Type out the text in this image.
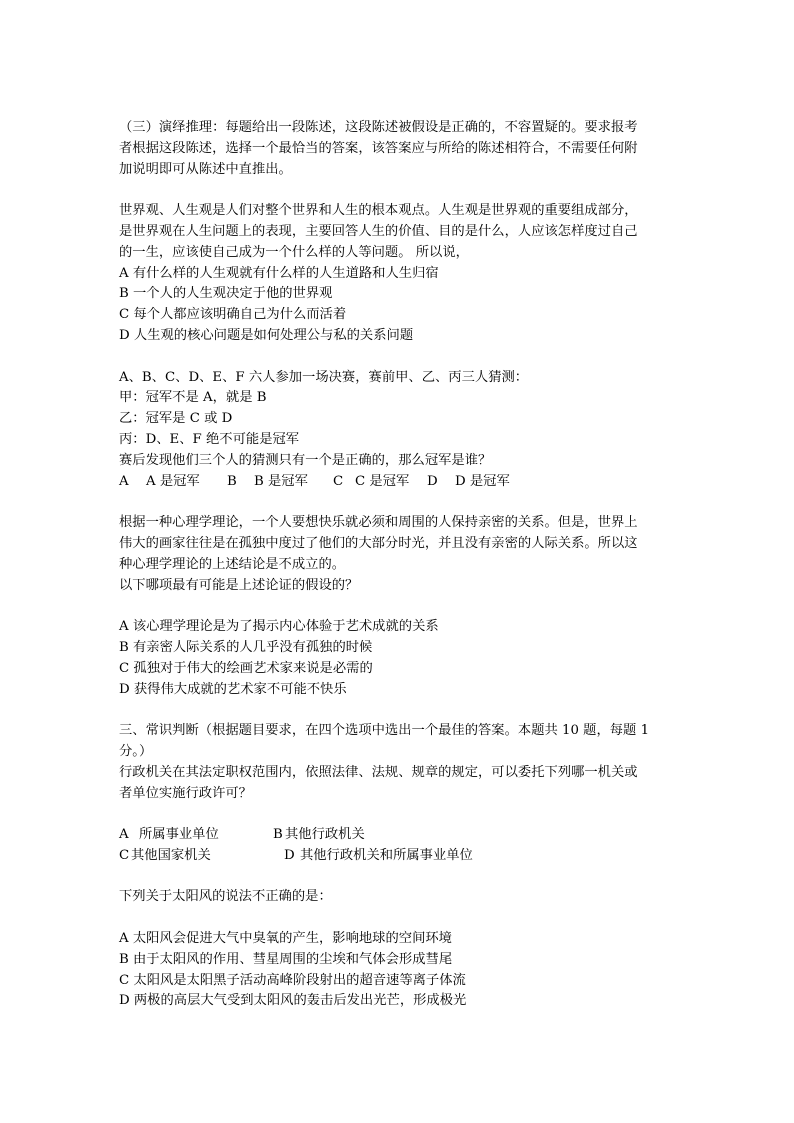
（三）演绎推理：每题给出一段陈述，这段陈述被假设是正确的，不容置疑的。要求报考
者根据这段陈述，选择一个最恰当的答案，该答案应与所给的陈述相符合，不需要任何附
加说明即可从陈述中直推出。
世界观、人生观是人们对整个世界和人生的根本观点。人生观是世界观的重要组成部分，
是世界观在人生问题上的表现，主要回答人生的价值、目的是什么，人应该怎样度过自己
的一生，应该使自己成为一个什么样的人等问题。 所以说，
A 有什么样的人生观就有什么样的人生道路和人生归宿
B 一个人的人生观决定于他的世界观
C 每个人都应该明确自己为什么而活着
D 人生观的核心问题是如何处理公与私的关系问题
A、B、C、D、E、F 六人参加一场决赛，赛前甲、乙、丙三人猜测：
甲：冠军不是 A，就是 B
乙：冠军是 C 或 D
丙：D、E、F 绝不可能是冠军
赛后发现他们三个人的猜测只有一个是正确的，那么冠军是谁？
A	A 是冠军	B	B 是冠军	C C 是冠军	D	D 是冠军
根据一种心理学理论，一个人要想快乐就必须和周围的人保持亲密的关系。但是，世界上
伟大的画家往往是在孤独中度过了他们的大部分时光，并且没有亲密的人际关系。所以这
种心理学理论的上述结论是不成立的。
以下哪项最有可能是上述论证的假设的？
A 该心理学理论是为了揭示内心体验于艺术成就的关系
B 有亲密人际关系的人几乎没有孤独的时候
C 孤独对于伟大的绘画艺术家来说是必需的
D 获得伟大成就的艺术家不可能不快乐
三、常识判断（根据题目要求，在四个选项中选出一个最佳的答案。本题共 10 题，每题 1
分。）
行政机关在其法定职权范围内，依照法律、法规、规章的规定，可以委托下列哪一机关或
者单位实施行政许可？
A 所属事业单位	B 其他行政机关
C 其他国家机关	D 其他行政机关和所属事业单位
下列关于太阳风的说法不正确的是：
A 太阳风会促进大气中臭氧的产生，影响地球的空间环境
B 由于太阳风的作用、彗星周围的尘埃和气体会形成彗尾
C 太阳风是太阳黑子活动高峰阶段射出的超音速等离子体流
D 两极的高层大气受到太阳风的轰击后发出光芒，形成极光
